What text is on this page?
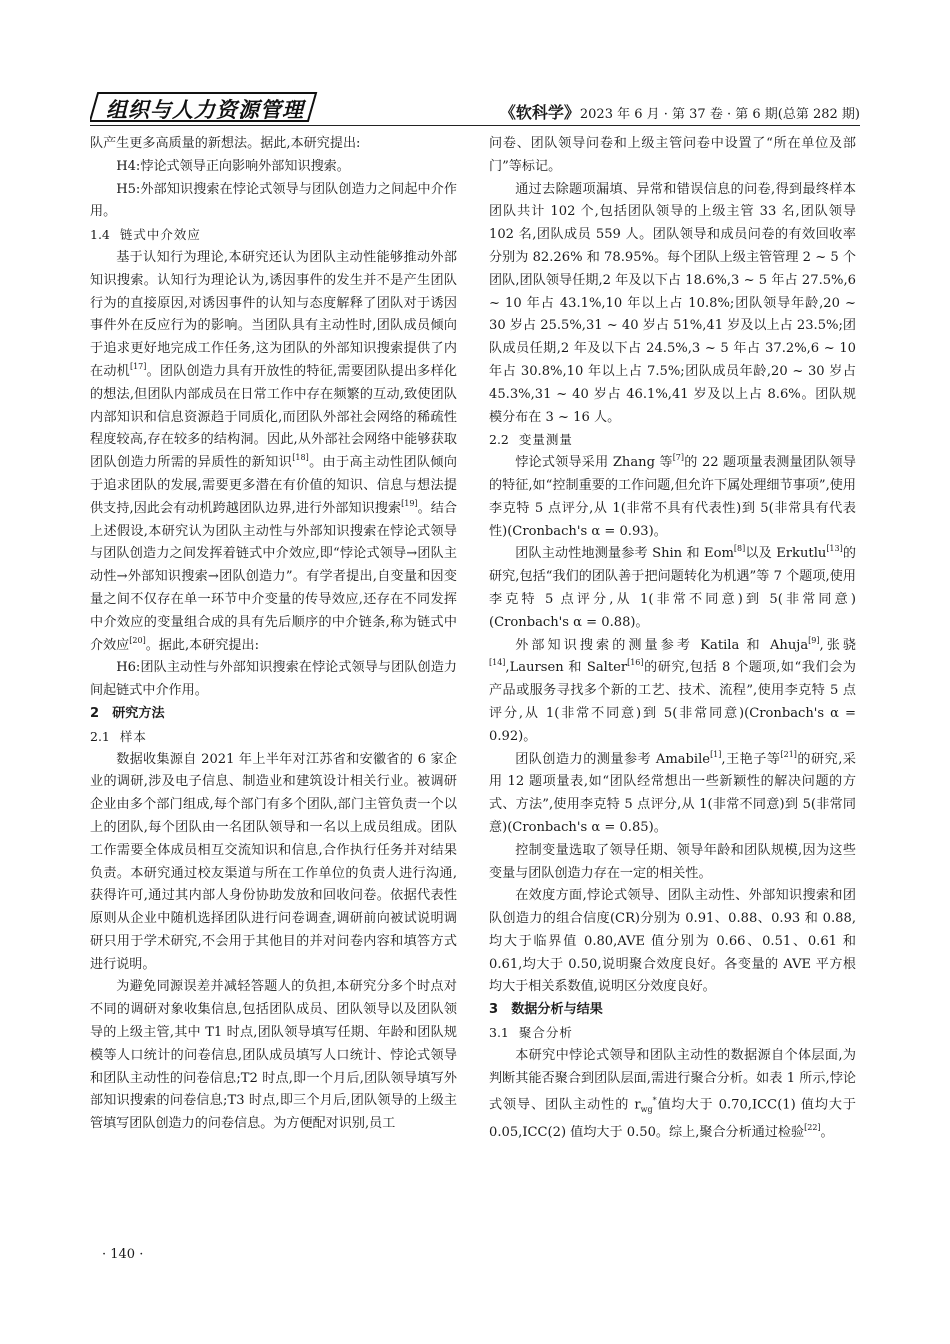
组织与人力资源管理	《软科学》2023 年 6 月 · 第 37 卷 · 第 6 期(总第 282 期)

队产生更多高质量的新想法。据此,本研究提出:

H4:悖论式领导正向影响外部知识搜索。

H5:外部知识搜索在悖论式领导与团队创造力之间起中介作用。

1.4 链式中介效应

基于认知行为理论,本研究还认为团队主动性能够推动外部知识搜索。认知行为理论认为,诱因事件的发生并不是产生团队行为的直接原因,对诱因事件的认知与态度解释了团队对于诱因事件外在反应行为的影响。当团队具有主动性时,团队成员倾向于追求更好地完成工作任务,这为团队的外部知识搜索提供了内在动机[17]。团队创造力具有开放性的特征,需要团队提出多样化的想法,但团队内部成员在日常工作中存在频繁的互动,致使团队内部知识和信息资源趋于同质化,而团队外部社会网络的稀疏性程度较高,存在较多的结构洞。因此,从外部社会网络中能够获取团队创造力所需的异质性的新知识[18]。由于高主动性团队倾向于追求团队的发展,需要更多潜在有价值的知识、信息与想法提供支持,因此会有动机跨越团队边界,进行外部知识搜索[19]。结合上述假设,本研究认为团队主动性与外部知识搜索在悖论式领导与团队创造力之间发挥着链式中介效应,即“悖论式领导→团队主动性→外部知识搜索→团队创造力”。有学者提出,自变量和因变量之间不仅存在单一环节中介变量的传导效应,还存在不同发挥中介效应的变量组合成的具有先后顺序的中介链条,称为链式中介效应[20]。据此,本研究提出:

H6:团队主动性与外部知识搜索在悖论式领导与团队创造力间起链式中介作用。

2　研究方法
2.1 样本

数据收集源自 2021 年上半年对江苏省和安徽省的 6 家企业的调研,涉及电子信息、制造业和建筑设计相关行业。被调研企业由多个部门组成,每个部门有多个团队,部门主管负责一个以上的团队,每个团队由一名团队领导和一名以上成员组成。团队工作需要全体成员相互交流知识和信息,合作执行任务并对结果负责。本研究通过校友渠道与所在工作单位的负责人进行沟通,获得许可,通过其内部人身份协助发放和回收问卷。依据代表性原则从企业中随机选择团队进行问卷调查,调研前向被试说明调研只用于学术研究,不会用于其他目的并对问卷内容和填答方式进行说明。

为避免同源误差并减轻答题人的负担,本研究分多个时点对不同的调研对象收集信息,包括团队成员、团队领导以及团队领导的上级主管,其中 T1 时点,团队领导填写任期、年龄和团队规模等人口统计的问卷信息,团队成员填写人口统计、悖论式领导和团队主动性的问卷信息;T2 时点,即一个月后,团队领导填写外部知识搜索的问卷信息;T3 时点,即三个月后,团队领导的上级主管填写团队创造力的问卷信息。为方便配对识别,员工

问卷、团队领导问卷和上级主管问卷中设置了“所在单位及部门”等标记。

通过去除题项漏填、异常和错误信息的问卷,得到最终样本团队共计 102 个,包括团队领导的上级主管 33 名,团队领导 102 名,团队成员 559 人。团队领导和成员问卷的有效回收率分别为 82.26% 和 78.95%。每个团队上级主管管理 2 ~ 5 个团队,团队领导任期,2 年及以下占 18.6%,3 ~ 5 年占 27.5%,6 ~ 10 年占 43.1%,10 年以上占 10.8%;团队领导年龄,20 ~ 30 岁占 25.5%,31 ~ 40 岁占 51%,41 岁及以上占 23.5%;团队成员任期,2 年及以下占 24.5%,3 ~ 5 年占 37.2%,6 ~ 10 年占 30.8%,10 年以上占 7.5%;团队成员年龄,20 ~ 30 岁占 45.3%,31 ~ 40 岁占 46.1%,41 岁及以上占 8.6%。团队规模分布在 3 ~ 16 人。

2.2 变量测量

悖论式领导采用 Zhang 等[7]的 22 题项量表测量团队领导的特征,如“控制重要的工作问题,但允许下属处理细节事项”,使用李克特 5 点评分,从 1(非常不具有代表性)到 5(非常具有代表性)(Cronbach's α = 0.93)。

团队主动性地测量参考 Shin 和 Eom[8]以及 Erkutlu[13]的研究,包括“我们的团队善于把问题转化为机遇”等 7 个题项,使用李克特 5 点评分,从 1(非常不同意)到 5(非常同意)(Cronbach's α = 0.88)。

外部知识搜索的测量参考 Katila 和 Ahuja[9],张骁[14],Laursen 和 Salter[16]的研究,包括 8 个题项,如“我们会为产品或服务寻找多个新的工艺、技术、流程”,使用李克特 5 点评分,从 1(非常不同意)到 5(非常同意)(Cronbach's α = 0.92)。

团队创造力的测量参考 Amabile[1],王艳子等[21]的研究,采用 12 题项量表,如“团队经常想出一些新颖性的解决问题的方式、方法”,使用李克特 5 点评分,从 1(非常不同意)到 5(非常同意)(Cronbach's α = 0.85)。

控制变量选取了领导任期、领导年龄和团队规模,因为这些变量与团队创造力存在一定的相关性。

在效度方面,悖论式领导、团队主动性、外部知识搜索和团队创造力的组合信度(CR)分别为 0.91、0.88、0.93 和 0.88,均大于临界值 0.80,AVE 值分别为 0.66、0.51、0.61 和 0.61,均大于 0.50,说明聚合效度良好。各变量的 AVE 平方根均大于相关系数值,说明区分效度良好。

3　数据分析与结果
3.1 聚合分析

本研究中悖论式领导和团队主动性的数据源自个体层面,为判断其能否聚合到团队层面,需进行聚合分析。如表 1 所示,悖论式领导、团队主动性的 $r_{wg}^*$值均大于 0.70,ICC(1) 值均大于 0.05,ICC(2) 值均大于 0.50。综上,聚合分析通过检验[22]。

· 140 ·
